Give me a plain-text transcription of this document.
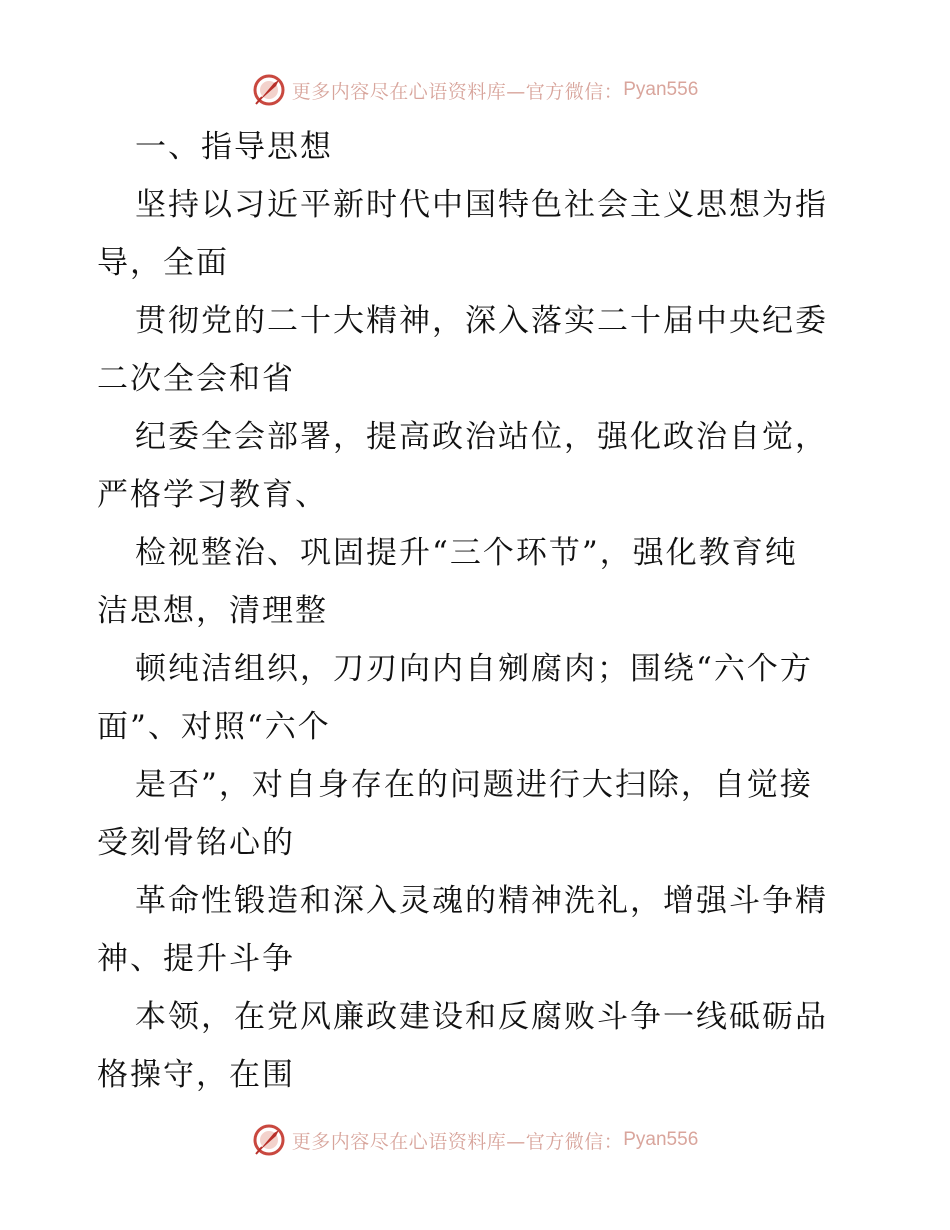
更多内容尽在心语资料库—官方微信： Pyan556
一、指导思想
坚持以习近平新时代中国特色社会主义思想为指
导，全面
贯彻党的二十大精神，深入落实二十届中央纪委
二次全会和省
纪委全会部署，提高政治站位，强化政治自觉，
严格学习教育、
检视整治、巩固提升“三个环节”，强化教育纯
洁思想，清理整
顿纯洁组织，刀刃向内自剜腐肉；围绕“六个方
面”、对照“六个
是否”，对自身存在的问题进行大扫除，自觉接
受刻骨铭心的
革命性锻造和深入灵魂的精神洗礼，增强斗争精
神、提升斗争
本领，在党风廉政建设和反腐败斗争一线砥砺品
格操守，在围
更多内容尽在心语资料库—官方微信： Pyan556
